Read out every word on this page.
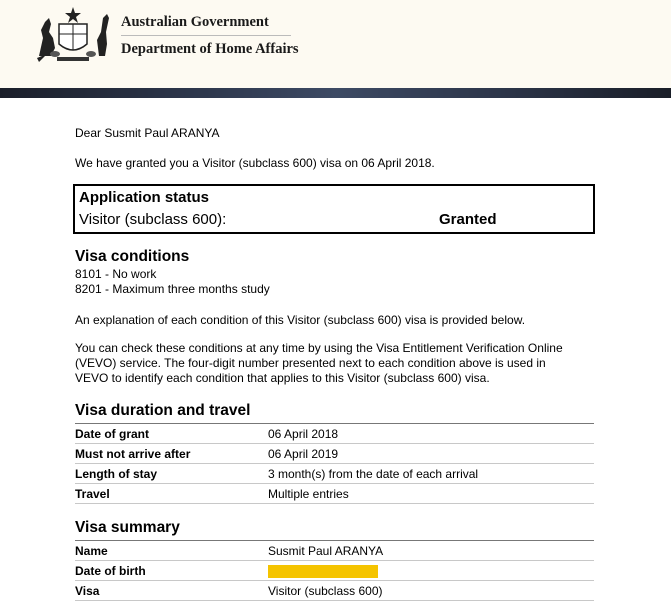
Australian Government
Department of Home Affairs
Dear Susmit Paul ARANYA
We have granted you a Visitor (subclass 600) visa on 06 April 2018.
Application status
Visitor (subclass 600):	Granted
Visa conditions
8101 - No work
8201 - Maximum three months study
An explanation of each condition of this Visitor (subclass 600) visa is provided below.
You can check these conditions at any time by using the Visa Entitlement Verification Online
(VEVO) service. The four-digit number presented next to each condition above is used in
VEVO to identify each condition that applies to this Visitor (subclass 600) visa.
Visa duration and travel
Date of grant	06 April 2018
Must not arrive after	06 April 2019
Length of stay	3 month(s) from the date of each arrival
Travel	Multiple entries
Visa summary
Name	Susmit Paul ARANYA
Date of birth	
Visa	Visitor (subclass 600)
